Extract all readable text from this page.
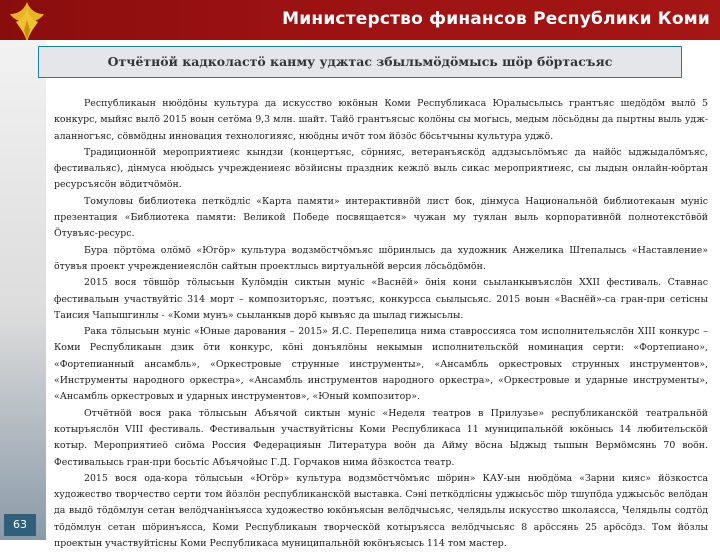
Министерство финансов Республики Коми
63
Отчётнӧй кадколастӧ канму уджтас збыльмӧдӧмысь шӧр бӧртасъяс

Республикаын нюӧдӧны культура да искусство юкӧнын Коми Республикаса Юралысьлысь грантъяс шедӧдӧм вылӧ 5 конкурс, мыйяс вылӧ 2015 воын сетӧма 9,3 млн. шайт. Тайӧ грантъясыс колӧны сы могысь, медым лӧсьӧдны да пыртны выль уджаланногъяс, сӧвмӧдны инновация технологияяс, нюӧдны ичӧт том йӧзӧс бӧсьтчыны культура уджӧ.

Традиционнӧй мероприятиеяс кындзи (концертъяс, сӧрнияс, ветеранъяскӧд аддзысьлӧмъяс да найӧс ыджыдалӧмъяс, фестивальяс), дінмуса нюӧдысь учреждениеяс вӧзйисны праздник кежлӧ выль сикас мероприятиеяс, сы лыдын онлайн-юӧртан ресурсъясӧн вӧдитчӧмӧн.

Томуловы библиотека петкӧдліс «Карта памяти» интерактивнӧй лист бок, дінмуса Национальнӧй библиотекаын муніс презентация «Библиотека памяти: Великой Победе посвящается» чужан му туялан выль корпоративнӧй полнотекстӧвӧй Ӧтувъяс-ресурс.

Бура пӧртӧма олӧмӧ «Югӧр» культура водзмӧстчӧмъяс шӧринлысь да художник Анжелика Штепалысь «Наставление» ӧтувъя проект учреждениеяслӧн сайтын проектлысь виртуальнӧй версия лӧсьӧдӧмӧн.

2015 вося тӧвшӧр тӧлысьын Кулӧмдін сиктын муніс «Васнёй» ӧнія кони сьыланкывъяслӧн XXII фестиваль. Ставнас фестивальын участвуйтіс 314 морт – композиторъяс, поэтъяс, конкурсса сьылысьяс. 2015 воын «Васнёй»-са гран-при сетісны Таисия Чапышгинлы - «Коми мунъ» сьыланкыв дорӧ кывъяс да шылад гижысьлы.

Рака тӧлысьын муніс «Юные дарования – 2015» Я.С. Перепелица нима ставроссиясa том исполнительяслӧн XIII конкурс – Коми Республикаын дзик ӧти конкурс, кӧні донъялӧны некымын исполнительскӧй номинация серти: «Фортепиано», «Фортепианный ансамбль», «Оркестровые струнные инструменты», «Ансамбль оркестровых струнных инструментов», «Инструменты народного оркестра», «Ансамбль инструментов народного оркестра», «Оркестровые и ударные инструменты», «Ансамбль оркестровых и ударных инструментов», «Юный композитор».

Отчётнӧй вося рака тӧлысьын Абъячой сиктын муніс «Неделя театров в Прилузье» республиканскӧй театральнӧй котыръяслӧн VIII фестиваль. Фестивальын участвуйтісны Коми Республикаса 11 муниципальнӧй юкӧнысь 14 любительскӧй котыр. Мероприятиеӧ сиӧма Россия Федерацияын Литература воӧн да Айму вӧсна Ыджыд тышын Вермӧмсянь 70 воӧн. Фестивальысь гран-при босьтіс Абъячойыс Г.Д. Горчаков нима йӧзкостса театр.

2015 вося ода-кора тӧлысьын «Югӧр» культура водзмӧстчӧмъяс шӧрин» КАУ-ын нюӧдӧма «Зарни кияс» йӧзкостса художество творчество серти том йӧзлӧн республиканскӧй выставка. Сэні петкӧдлісны уджысьӧс шӧр тшупӧда уджысьӧс велӧдан да выдӧ тӧдӧмлун сетан велӧдчанінъясса художество юкӧнъясын велӧдчысьяс, челядьлы искусство школаясса, Челядьлы содтӧд тӧдӧмлун сетан шӧринъясса, Коми Республикаын творческӧй котыръясса велӧдчысьяс 8 арӧссянь 25 арӧсӧдз. Том йӧзлы проектын участвуйтісны Коми Республикаса муниципальнӧй юкӧнъясысь 114 том мастер.
